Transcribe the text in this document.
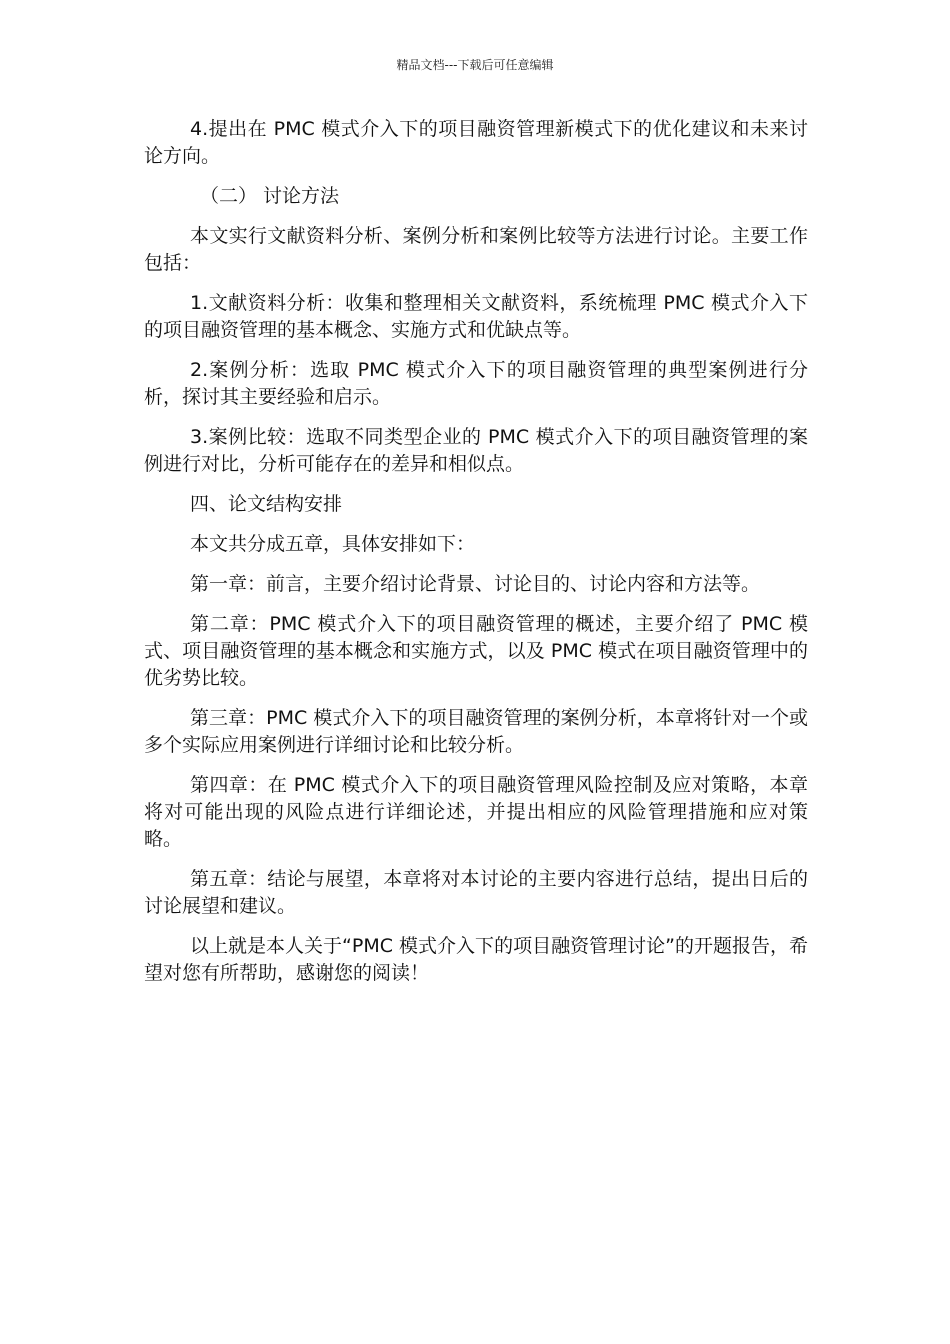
精品文档---下载后可任意编辑

4.提出在 PMC 模式介入下的项目融资管理新模式下的优化建议和未来讨论方向。

（二） 讨论方法

本文实行文献资料分析、案例分析和案例比较等方法进行讨论。主要工作包括：

1.文献资料分析：收集和整理相关文献资料，系统梳理 PMC 模式介入下的项目融资管理的基本概念、实施方式和优缺点等。

2.案例分析：选取 PMC 模式介入下的项目融资管理的典型案例进行分析，探讨其主要经验和启示。

3.案例比较：选取不同类型企业的 PMC 模式介入下的项目融资管理的案例进行对比，分析可能存在的差异和相似点。

四、论文结构安排

本文共分成五章，具体安排如下：

第一章：前言，主要介绍讨论背景、讨论目的、讨论内容和方法等。

第二章：PMC 模式介入下的项目融资管理的概述，主要介绍了 PMC 模式、项目融资管理的基本概念和实施方式，以及 PMC 模式在项目融资管理中的优劣势比较。

第三章：PMC 模式介入下的项目融资管理的案例分析，本章将针对一个或多个实际应用案例进行详细讨论和比较分析。

第四章：在 PMC 模式介入下的项目融资管理风险控制及应对策略，本章将对可能出现的风险点进行详细论述，并提出相应的风险管理措施和应对策略。

第五章：结论与展望，本章将对本讨论的主要内容进行总结，提出日后的讨论展望和建议。

以上就是本人关于“PMC 模式介入下的项目融资管理讨论”的开题报告，希望对您有所帮助，感谢您的阅读！
